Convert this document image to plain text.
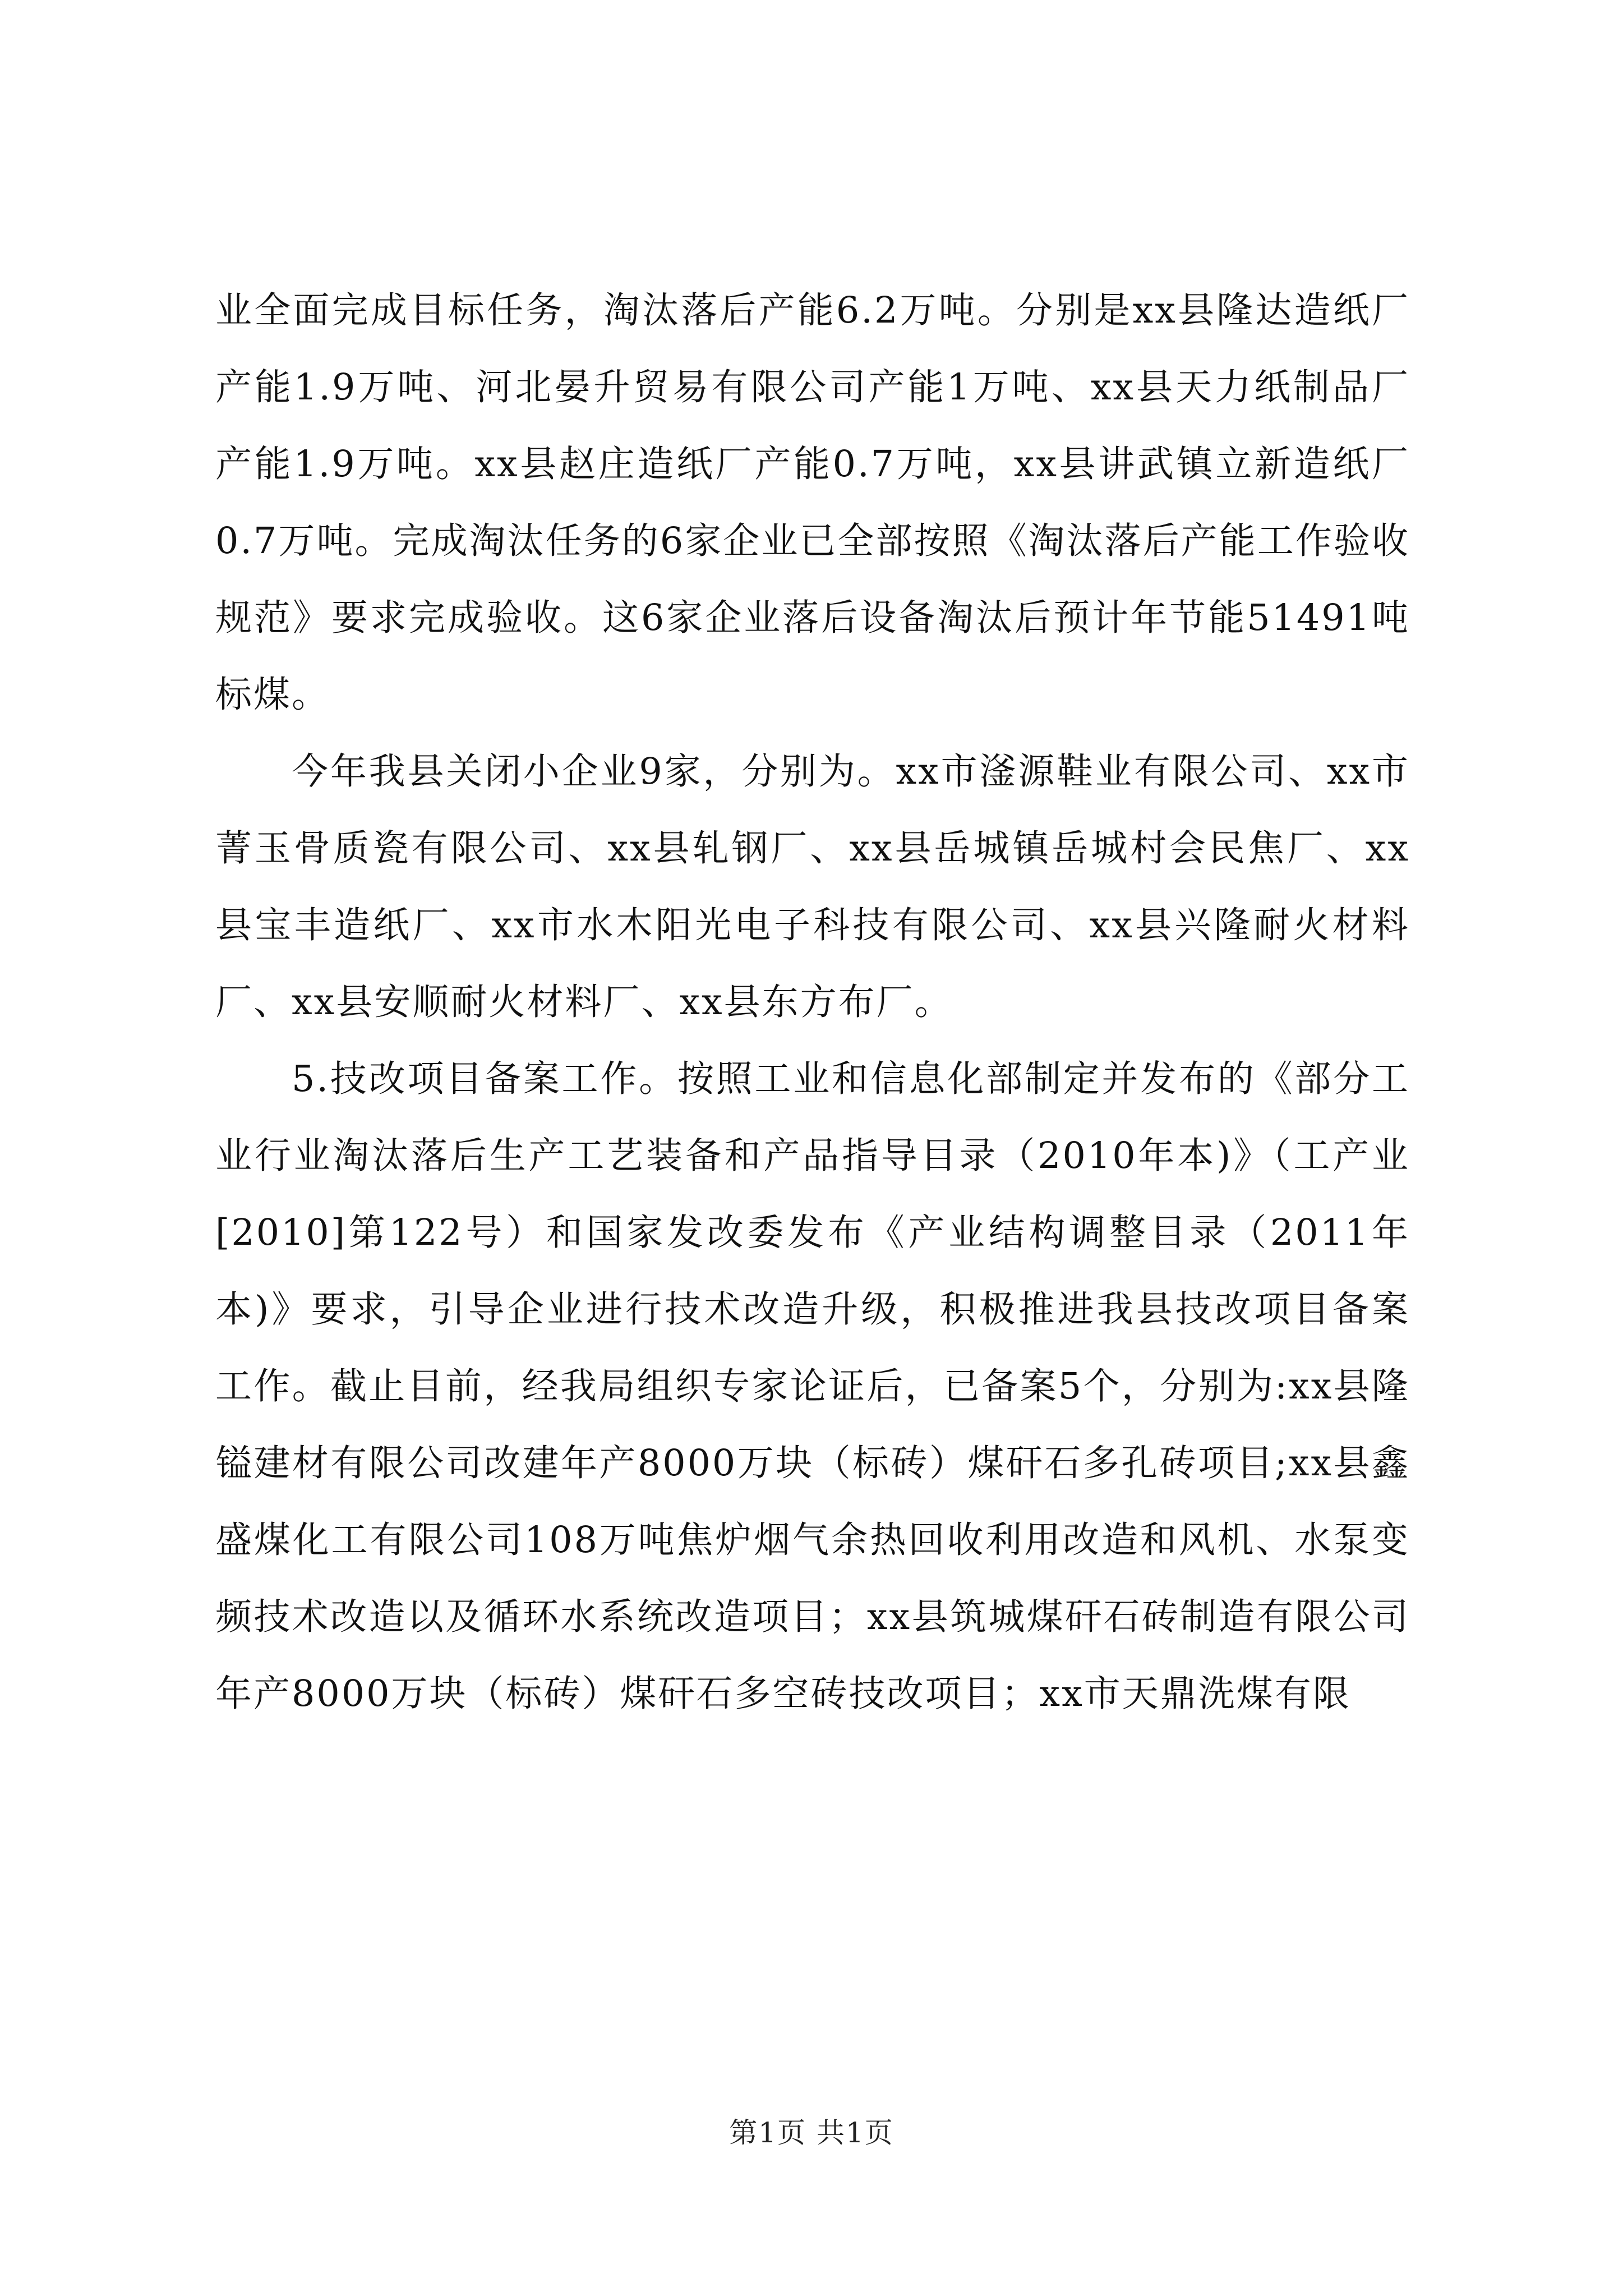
业全面完成目标任务，淘汰落后产能6.2万吨。分别是xx县隆达造纸厂产能1.9万吨、河北晏升贸易有限公司产能1万吨、xx县天力纸制品厂产能1.9万吨。xx县赵庄造纸厂产能0.7万吨，xx县讲武镇立新造纸厂0.7万吨。完成淘汰任务的6家企业已全部按照《淘汰落后产能工作验收规范》要求完成验收。这6家企业落后设备淘汰后预计年节能51491吨标煤。

今年我县关闭小企业9家，分别为。xx市滏源鞋业有限公司、xx市菁玉骨质瓷有限公司、xx县轧钢厂、xx县岳城镇岳城村会民焦厂、xx县宝丰造纸厂、xx市水木阳光电子科技有限公司、xx县兴隆耐火材料厂、xx县安顺耐火材料厂、xx县东方布厂。

5.技改项目备案工作。按照工业和信息化部制定并发布的《部分工业行业淘汰落后生产工艺装备和产品指导目录（2010年本)》（工产业[2010]第122号）和国家发改委发布《产业结构调整目录（2011年本)》要求，引导企业进行技术改造升级，积极推进我县技改项目备案工作。截止目前，经我局组织专家论证后，已备案5个，分别为:xx县隆镒建材有限公司改建年产8000万块（标砖）煤矸石多孔砖项目;xx县鑫盛煤化工有限公司108万吨焦炉烟气余热回收利用改造和风机、水泵变频技术改造以及循环水系统改造项目；xx县筑城煤矸石砖制造有限公司年产8000万块（标砖）煤矸石多空砖技改项目；xx市天鼎洗煤有限

第1页 共1页
